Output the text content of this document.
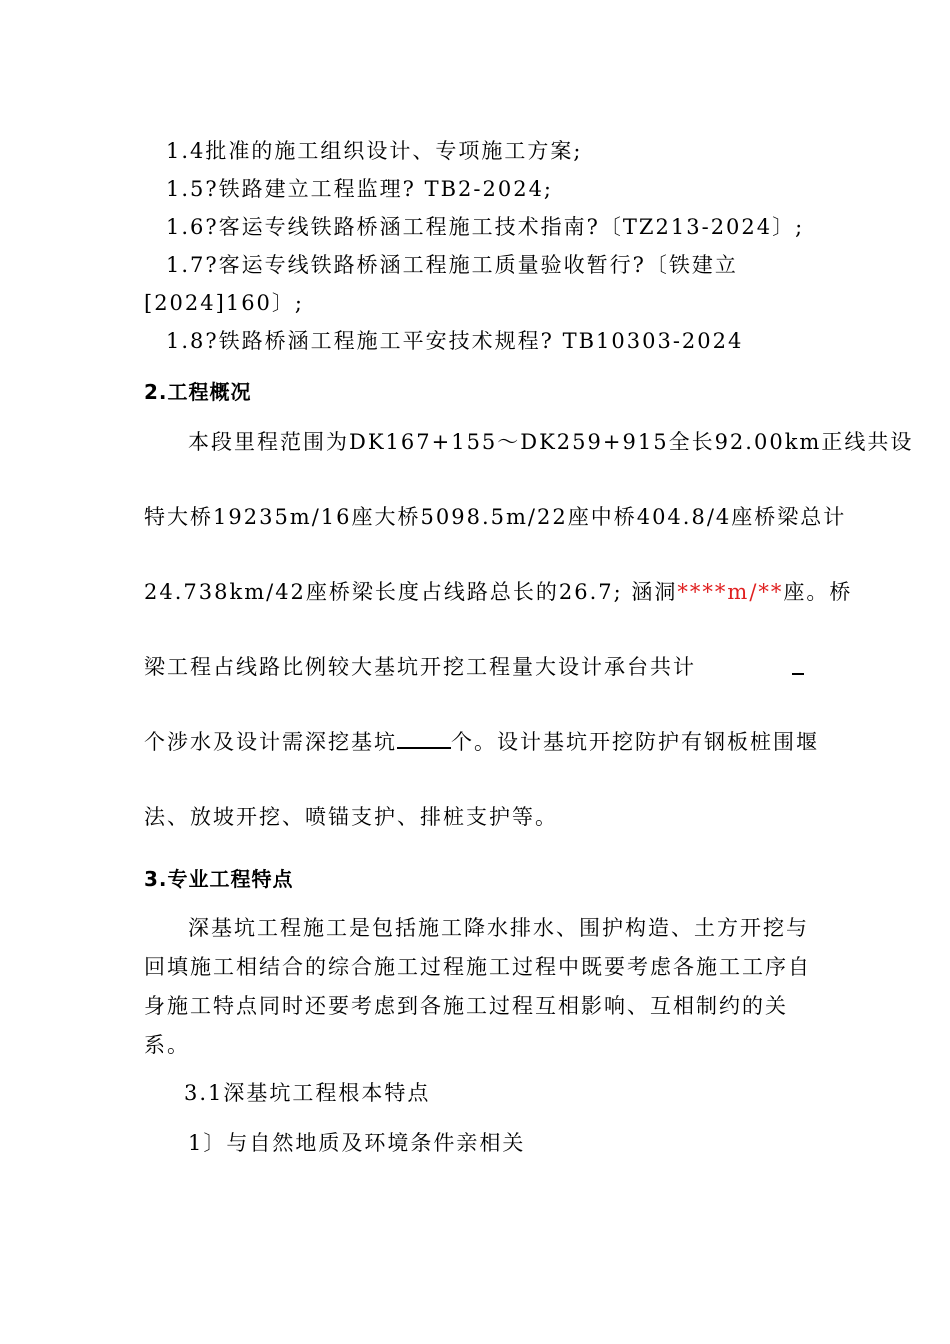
1.4批准的施工组织设计、专项施工方案;
1.5?铁路建立工程监理? TB2-2024;
1.6?客运专线铁路桥涵工程施工技术指南?〔TZ213-2024〕;
1.7?客运专线铁路桥涵工程施工质量验收暂行?〔铁建立
[2024]160〕;
1.8?铁路桥涵工程施工平安技术规程? TB10303-2024
2.工程概况
本段里程范围为DK167+155～DK259+915全长92.00km正线共设
特大桥19235m/16座大桥5098.5m/22座中桥404.8/4座桥梁总计
24.738km/42座桥梁长度占线路总长的26.7; 涵洞****m/**座。桥
梁工程占线路比例较大基坑开挖工程量大设计承台共计
个涉水及设计需深挖基坑	个。设计基坑开挖防护有钢板桩围堰
法、放坡开挖、喷锚支护、排桩支护等。
3.专业工程特点
深基坑工程施工是包括施工降水排水、围护构造、土方开挖与
回填施工相结合的综合施工过程施工过程中既要考虑各施工工序自
身施工特点同时还要考虑到各施工过程互相影响、互相制约的关
系。
3.1深基坑工程根本特点
1〕与自然地质及环境条件亲相关
